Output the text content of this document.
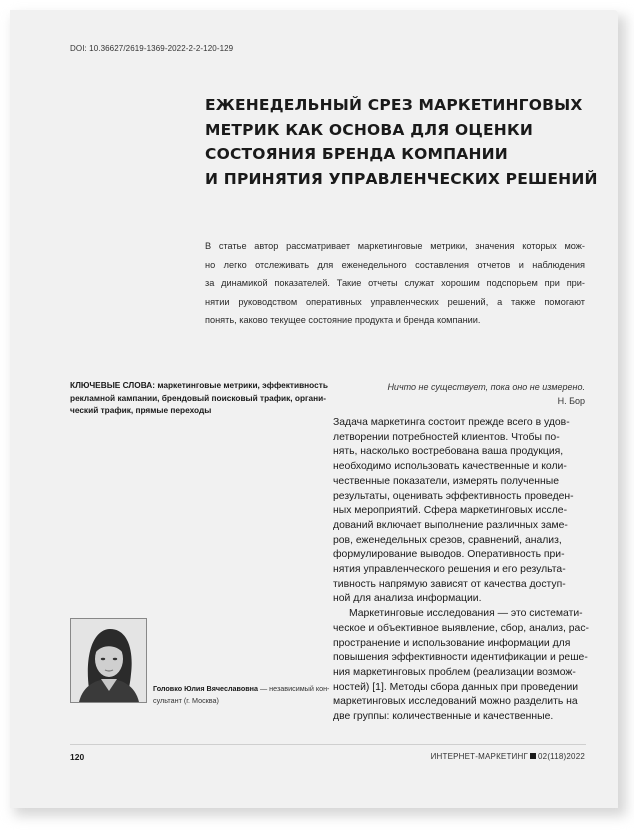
DOI: 10.36627/2619-1369-2022-2-2-120-129
ЕЖЕНЕДЕЛЬНЫЙ СРЕЗ МАРКЕТИНГОВЫХ
МЕТРИК КАК ОСНОВА ДЛЯ ОЦЕНКИ
СОСТОЯНИЯ БРЕНДА КОМПАНИИ
И ПРИНЯТИЯ УПРАВЛЕНЧЕСКИХ РЕШЕНИЙ
В статье автор рассматривает маркетинговые метрики, значения которых мож-
но легко отслеживать для еженедельного составления отчетов и наблюдения
за динамикой показателей. Такие отчеты служат хорошим подспорьем при при-
нятии руководством оперативных управленческих решений, а также помогают
понять, каково текущее состояние продукта и бренда компании.
КЛЮЧЕВЫЕ СЛОВА: маркетинговые метрики, эффективность
рекламной кампании, брендовый поисковый трафик, органи-
ческий трафик, прямые переходы
Ничто не существует, пока оно не измерено.
Н. Бор
Задача маркетинга состоит прежде всего в удов-
летворении потребностей клиентов. Чтобы по-
нять, насколько востребована ваша продукция,
необходимо использовать качественные и коли-
чественные показатели, измерять полученные
результаты, оценивать эффективность проведен-
ных мероприятий. Сфера маркетинговых иссле-
дований включает выполнение различных заме-
ров, еженедельных срезов, сравнений, анализ,
формулирование выводов. Оперативность при-
нятия управленческого решения и его результа-
тивность напрямую зависят от качества доступ-
ной для анализа информации.
Маркетинговые исследования — это системати-
ческое и объективное выявление, сбор, анализ, рас-
пространение и использование информации для
повышения эффективности идентификации и реше-
ния маркетинговых проблем (реализации возмож-
ностей) [1]. Методы сбора данных при проведении
маркетинговых исследований можно разделить на
две группы: количественные и качественные.
Головко Юлия Вячеславовна — независимый кон-
сультант (г. Москва)
120	ИНТЕРНЕТ-МАРКЕТИНГ 02(118)2022
